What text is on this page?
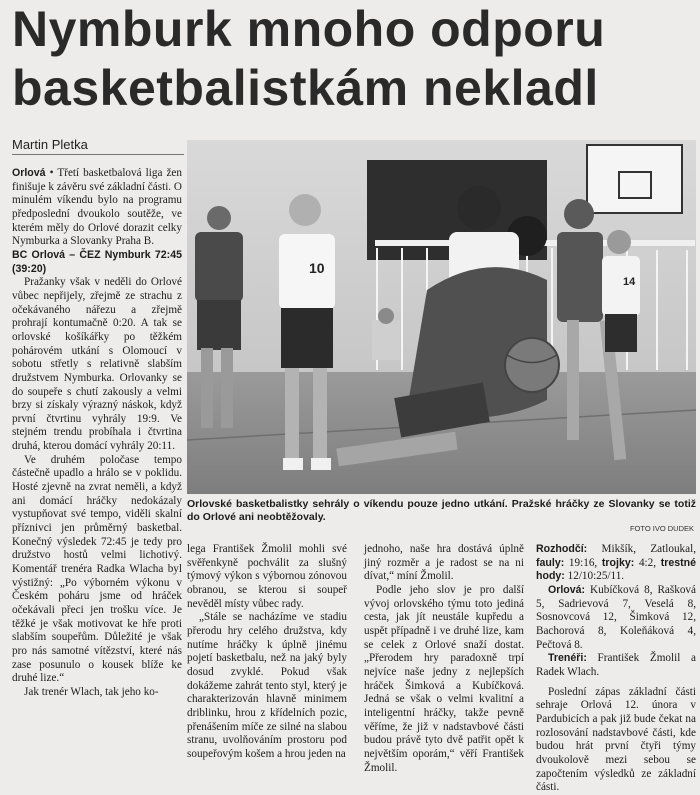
Nymburk mnoho odporu basketbalistkám nekladl
Martin Pletka

Orlová • Třetí basketbalová liga žen finišuje k závěru své základní části. O minulém víkendu bylo na programu předposlední dvoukolo soutěže, ve kterém měly do Orlové dorazit celky Nymburka a Slovanky Praha B.

BC Orlová – ČEZ Nymburk 72:45 (39:20)

Pražanky však v neděli do Orlové vůbec nepřijely, zřejmě ze strachu z očekávaného nářezu a zřejmě prohrají kontumačně 0:20. A tak se orlovské košíkářky po těžkém pohárovém utkání s Olomoucí v sobotu střetly s relativně slabším družstvem Nymburka. Orlovanky se do soupeře s chutí zakously a velmi brzy si získaly výrazný náskok, když první čtvrtinu vyhrály 19:9. Ve stejném trendu probíhala i čtvrtina druhá, kterou domácí vyhrály 20:11.

Ve druhém poločase tempo částečně upadlo a hrálo se v poklidu. Hosté zjevně na zvrat neměli, a když ani domácí hráčky nedokázaly vystupňovat své tempo, viděli skalní příznivci jen průměrný basketbal. Konečný výsledek 72:45 je tedy pro družstvo hostů velmi lichotivý. Komentář trenéra Radka Wlacha byl výstižný: „Po výborném výkonu v Českém poháru jsme od hráček očekávali přeci jen trošku více. Je těžké je však motivovat ke hře proti slabším soupeřům. Důležité je však pro nás samotné vítězství, které nás zase posunulo o kousek blíže ke druhé lize.“

Jak trenér Wlach, tak jeho ko-

10
14
Orlovské basketbalistky sehrály o víkendu pouze jedno utkání. Pražské hráčky ze Slovanky se totiž do Orlové ani neobtěžovaly.
FOTO IVO DUDEK

lega František Žmolil mohli své svěřenkyně pochválit za slušný týmový výkon s výbornou zónovou obranou, se kterou si soupeř nevěděl místy vůbec rady.

„Stále se nacházíme ve stadiu přerodu hry celého družstva, kdy nutíme hráčky k úplně jinému pojetí basketbalu, než na jaký byly dosud zvyklé. Pokud však dokážeme zahrát tento styl, který je charakterizován hlavně minimem driblinku, hrou z křídelních pozic, přenášením míče ze silné na slabou stranu, uvolňováním prostoru pod soupeřovým košem a hrou jeden na

jednoho, naše hra dostává úplně jiný rozměr a je radost se na ni dívat,“ míní Žmolil.

Podle jeho slov je pro další vývoj orlovského týmu toto jediná cesta, jak jít neustále kupředu a uspět případně i ve druhé lize, kam se celek z Orlové snaží dostat. „Přerodem hry paradoxně trpí nejvíce naše jedny z nejlepších hráček Šimková a Kubíčková. Jedná se však o velmi kvalitní a inteligentní hráčky, takže pevně věříme, že již v nadstavbové části budou právě tyto dvě patřit opět k největším oporám,“ věří František Žmolil.

Rozhodčí: Mikšík, Zatloukal, fauly: 19:16, trojky: 4:2, trestné hody: 12/10:25/11.

Orlová: Kubíčková 8, Rašková 5, Sadrievová 7, Veselá 8, Sosnovcová 12, Šimková 12, Bachorová 8, Koleňáková 4, Pečtová 8.

Trenéři: František Žmolil a Radek Wlach.

Poslední zápas základní části sehraje Orlová 12. února v Pardubicích a pak již bude čekat na rozlosování nadstavbové části, kde budou hrát první čtyři týmy dvoukolově mezi sebou se započtením výsledků ze základní části.
